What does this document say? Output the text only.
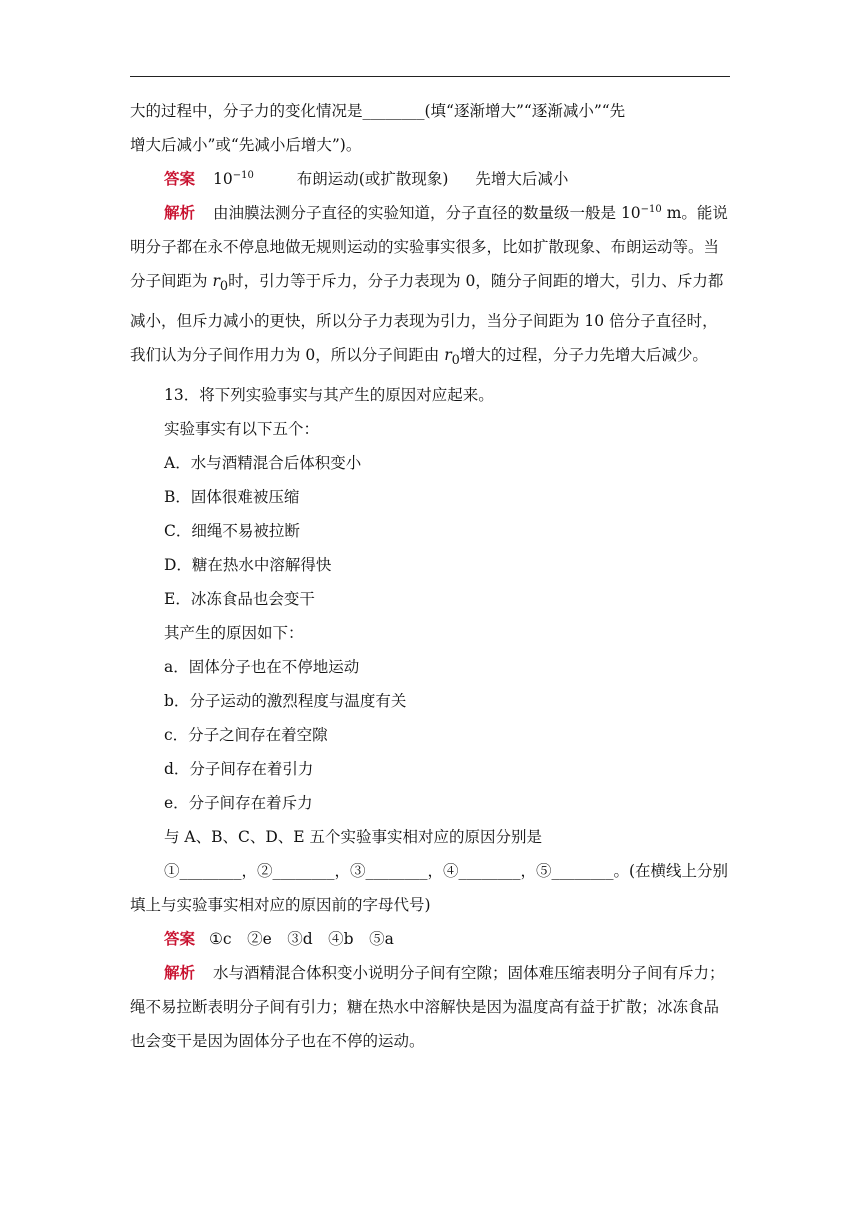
大的过程中，分子力的变化情况是________(填“逐渐增大”“逐渐减小”“先
增大后减小”或“先减小后增大”)。

答案 $10^{-10}$	布朗运动(或扩散现象) 先增大后减小

解析 由油膜法测分子直径的实验知道，分子直径的数量级一般是 $10^{-10}$ m。能说明分子都在永不停息地做无规则运动的实验事实很多，比如扩散现象、布朗运动等。当分子间距为 $r_0$时，引力等于斥力，分子力表现为 0，随分子间距的增大，引力、斥力都减小，但斥力减小的更快，所以分子力表现为引力，当分子间距为 10 倍分子直径时，我们认为分子间作用力为 0，所以分子间距由 $r_0$增大的过程，分子力先增大后减少。

13．将下列实验事实与其产生的原因对应起来。

实验事实有以下五个：

A．水与酒精混合后体积变小

B．固体很难被压缩

C．细绳不易被拉断

D．糖在热水中溶解得快

E．冰冻食品也会变干

其产生的原因如下：

a．固体分子也在不停地运动

b．分子运动的激烈程度与温度有关

c．分子之间存在着空隙

d．分子间存在着引力

e．分子间存在着斥力

与 A、B、C、D、E 五个实验事实相对应的原因分别是

①________，②________，③________，④________，⑤________。(在横线上分别填上与实验事实相对应的原因前的字母代号)

答案 ①c　②e　③d　④b　⑤a

解析 水与酒精混合体积变小说明分子间有空隙；固体难压缩表明分子间有斥力；绳不易拉断表明分子间有引力；糖在热水中溶解快是因为温度高有益于扩散；冰冻食品也会变干是因为固体分子也在不停的运动。
